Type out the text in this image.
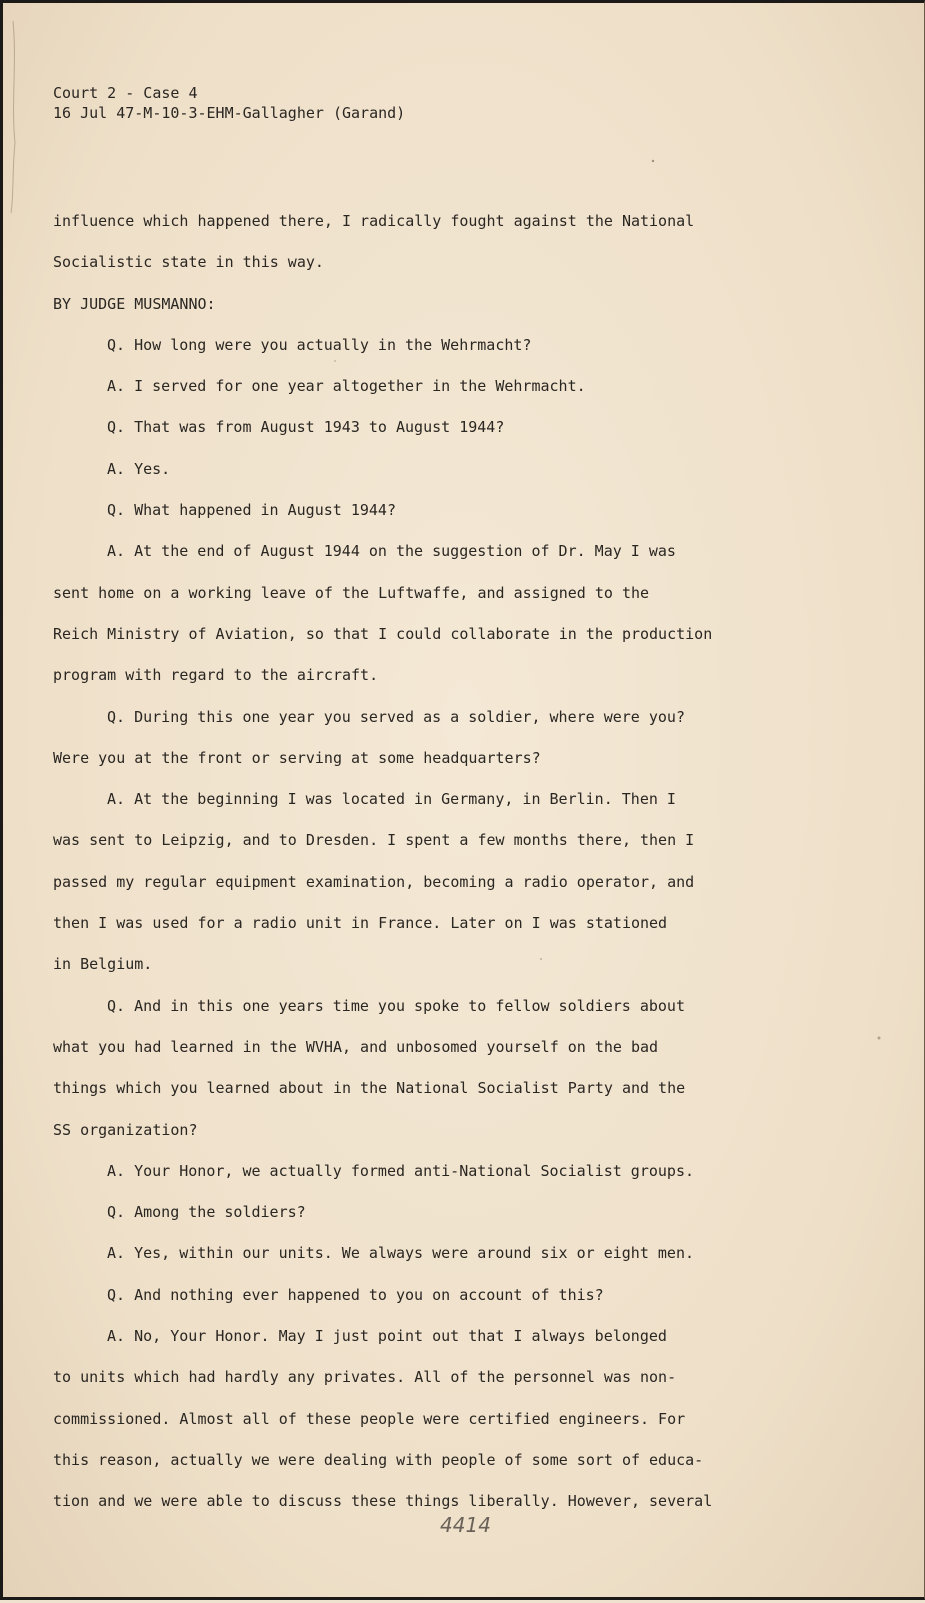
Court 2 - Case 4
16 Jul 47-M-10-3-EHM-Gallagher (Garand)

influence which happened there, I radically fought against the National

Socialistic state in this way.

BY JUDGE MUSMANNO:

Q. How long were you actually in the Wehrmacht?

A. I served for one year altogether in the Wehrmacht.

Q. That was from August 1943 to August 1944?

A. Yes.

Q. What happened in August 1944?

A. At the end of August 1944 on the suggestion of Dr. May I was

sent home on a working leave of the Luftwaffe, and assigned to the

Reich Ministry of Aviation, so that I could collaborate in the production

program with regard to the aircraft.

Q. During this one year you served as a soldier, where were you?

Were you at the front or serving at some headquarters?

A. At the beginning I was located in Germany, in Berlin. Then I

was sent to Leipzig, and to Dresden. I spent a few months there, then I

passed my regular equipment examination, becoming a radio operator, and

then I was used for a radio unit in France. Later on I was stationed

in Belgium.

Q. And in this one years time you spoke to fellow soldiers about

what you had learned in the WVHA, and unbosomed yourself on the bad

things which you learned about in the National Socialist Party and the

SS organization?

A. Your Honor, we actually formed anti-National Socialist groups.

Q. Among the soldiers?

A. Yes, within our units. We always were around six or eight men.

Q. And nothing ever happened to you on account of this?

A. No, Your Honor. May I just point out that I always belonged

to units which had hardly any privates. All of the personnel was non-

commissioned. Almost all of these people were certified engineers. For

this reason, actually we were dealing with people of some sort of educa-

tion and we were able to discuss these things liberally. However, several

4414
